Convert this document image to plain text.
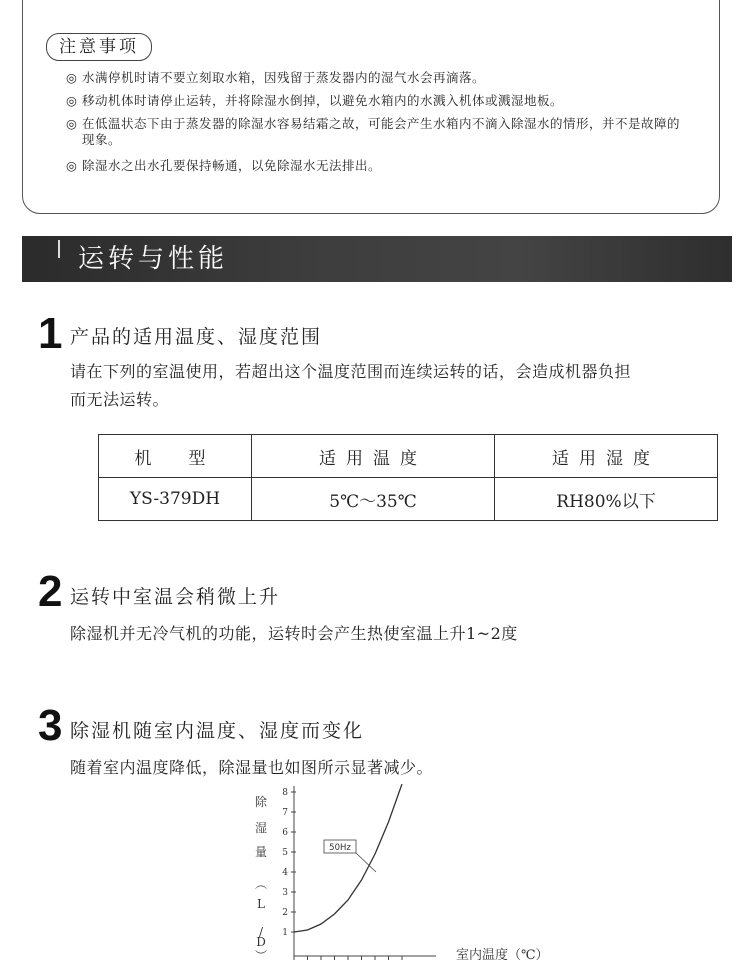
注意事项
◎ 水满停机时请不要立刻取水箱，因残留于蒸发器内的湿气水会再滴落。
◎ 移动机体时请停止运转，并将除湿水倒掉，以避免水箱内的水溅入机体或溅湿地板。
◎ 在低温状态下由于蒸发器的除湿水容易结霜之故，可能会产生水箱内不滴入除湿水的情形，并不是故障的现象。
◎ 除湿水之出水孔要保持畅通，以免除湿水无法排出。
运转与性能
1 产品的适用温度、湿度范围
请在下列的室温使用，若超出这个温度范围而连续运转的话，会造成机器负担
而无法运转。
机　型	适用温度	适用湿度
YS-379DH	5℃～35℃	RH80%以下
2 运转中室温会稍微上升
除湿机并无冷气机的功能，运转时会产生热使室温上升1~2度
3 除湿机随室内温度、湿度而变化
随着室内温度降低，除湿量也如图所示显著减少。
除
湿
量
︵
L
/
D
︶
1
2
3
4
5
6
7
8
50Hz
室内温度（℃）
